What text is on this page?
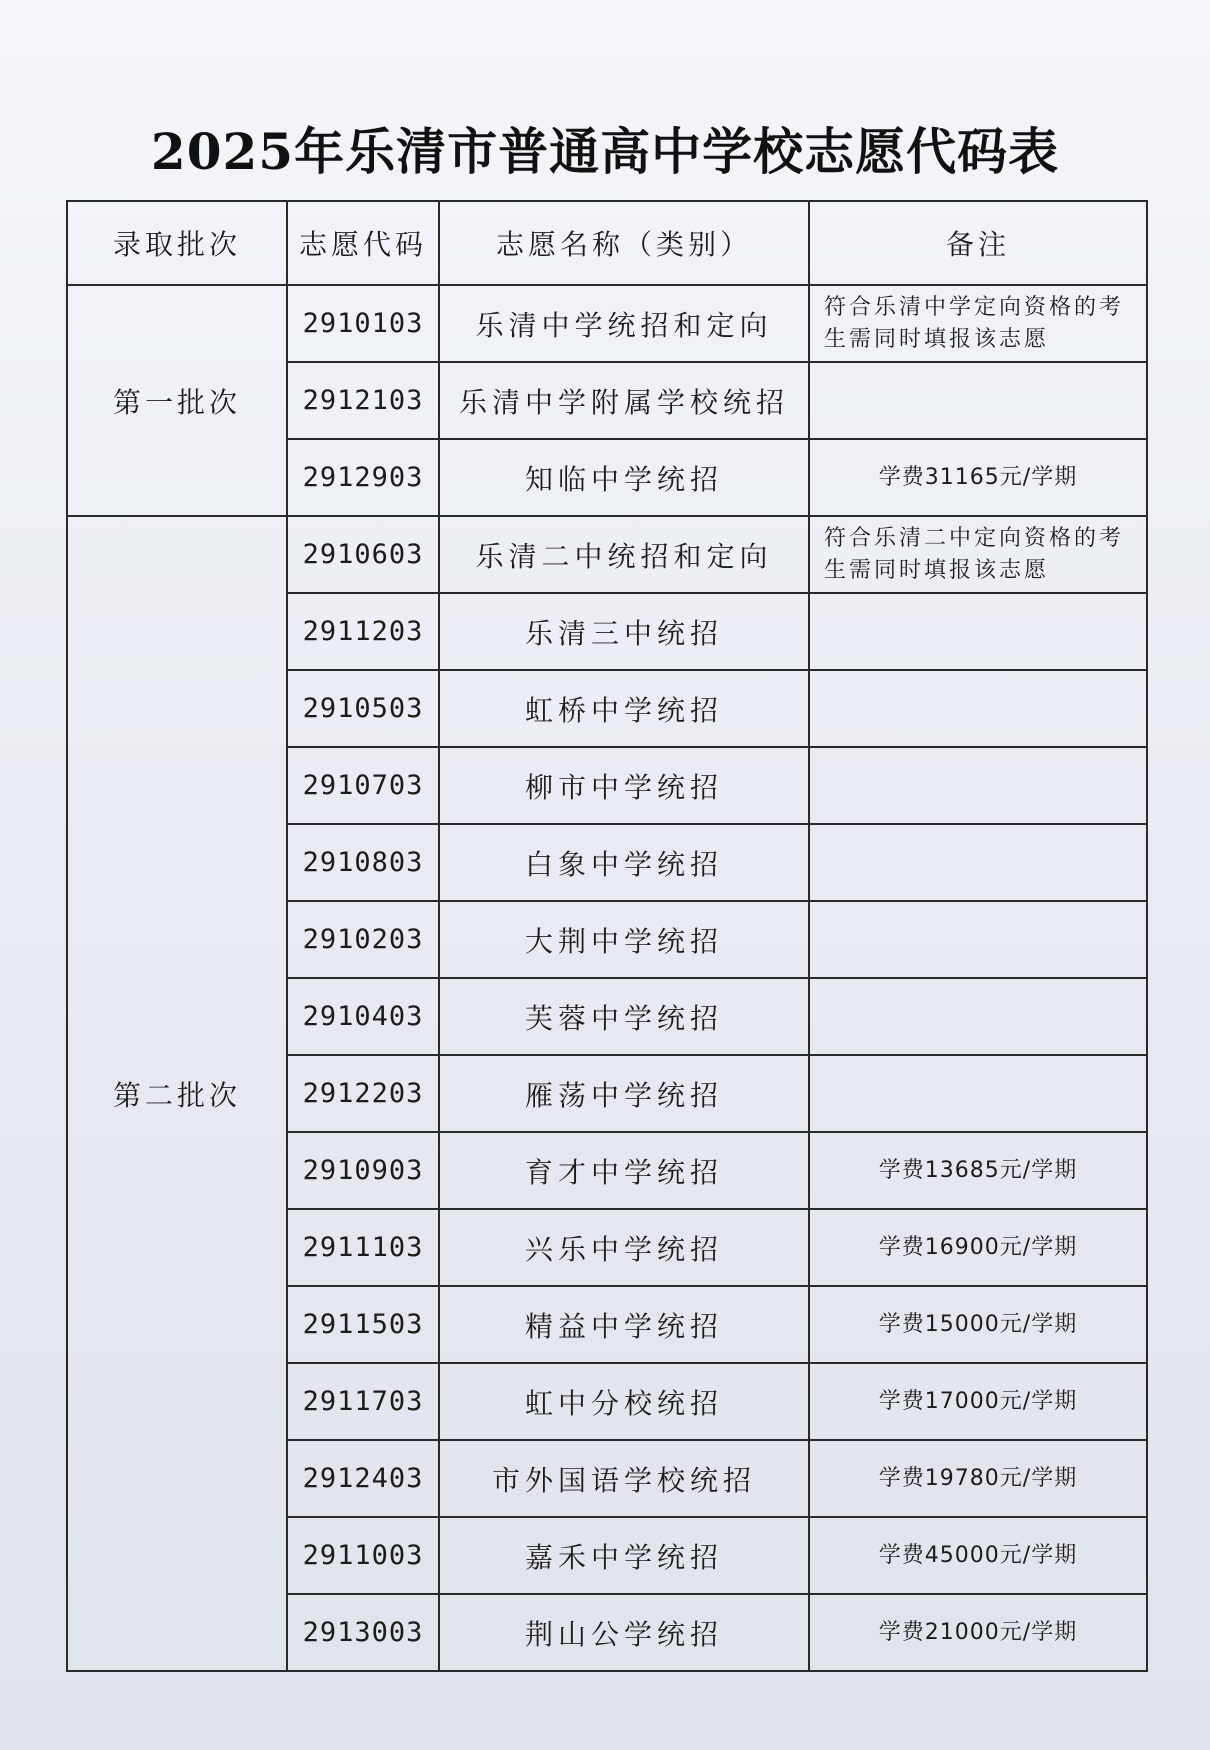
2025年乐清市普通高中学校志愿代码表
录取批次	志愿代码	志愿名称（类别）	备注
第一批次	2910103	乐清中学统招和定向	符合乐清中学定向资格的考生需同时填报该志愿
	2912103	乐清中学附属学校统招	
	2912903	知临中学统招	学费31165元/学期
第二批次	2910603	乐清二中统招和定向	符合乐清二中定向资格的考生需同时填报该志愿
	2911203	乐清三中统招	
	2910503	虹桥中学统招	
	2910703	柳市中学统招	
	2910803	白象中学统招	
	2910203	大荆中学统招	
	2910403	芙蓉中学统招	
	2912203	雁荡中学统招	
	2910903	育才中学统招	学费13685元/学期
	2911103	兴乐中学统招	学费16900元/学期
	2911503	精益中学统招	学费15000元/学期
	2911703	虹中分校统招	学费17000元/学期
	2912403	市外国语学校统招	学费19780元/学期
	2911003	嘉禾中学统招	学费45000元/学期
	2913003	荆山公学统招	学费21000元/学期
